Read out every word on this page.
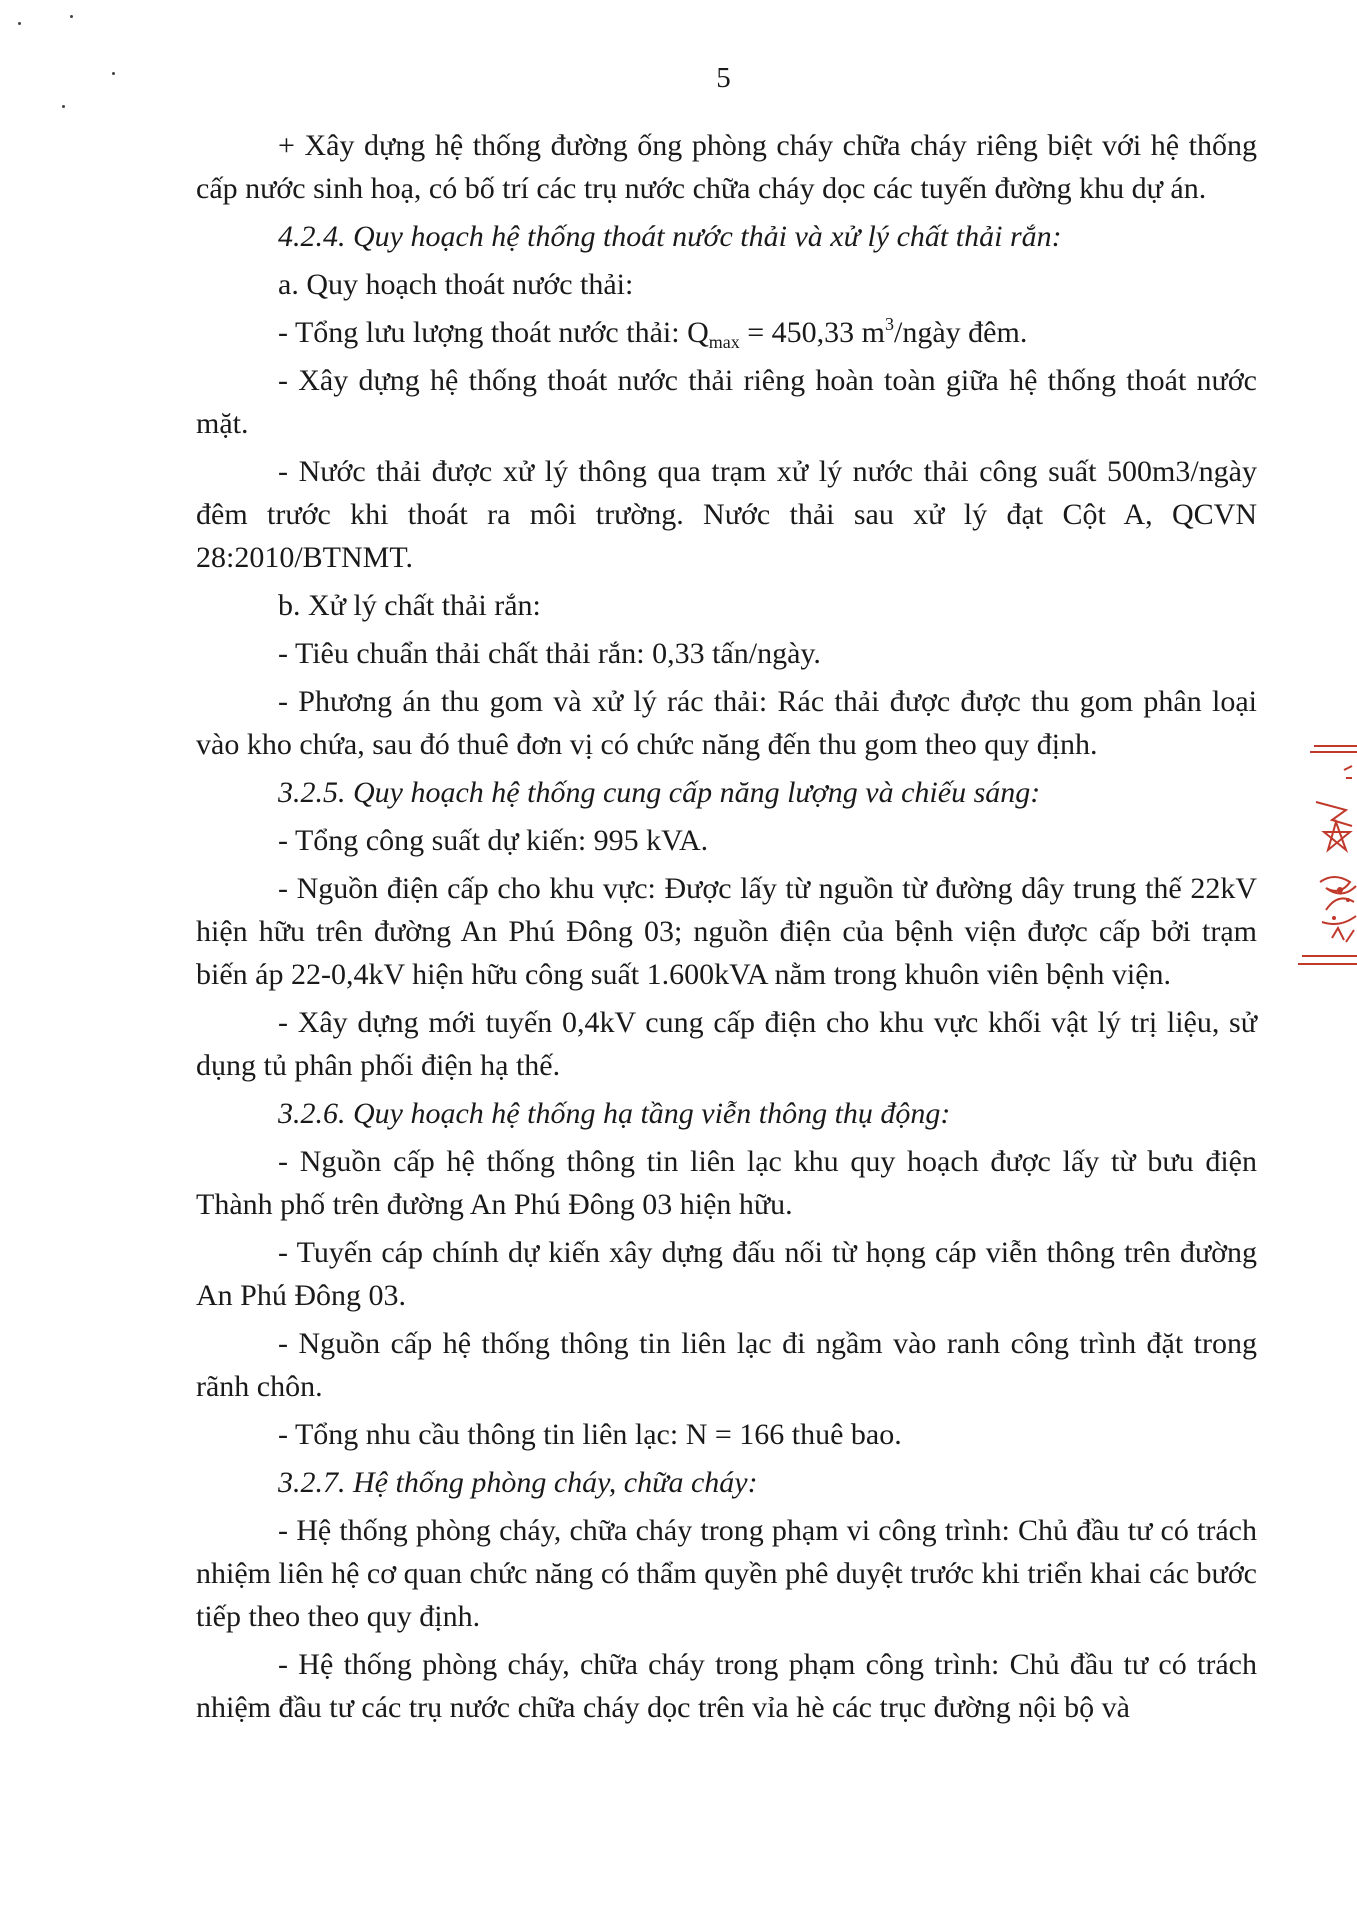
5

+ Xây dựng hệ thống đường ống phòng cháy chữa cháy riêng biệt với hệ thống cấp nước sinh hoạ, có bố trí các trụ nước chữa cháy dọc các tuyến đường khu dự án.

4.2.4. Quy hoạch hệ thống thoát nước thải và xử lý chất thải rắn:

a. Quy hoạch thoát nước thải:

- Tổng lưu lượng thoát nước thải: $Q_{max} = 450,33$ $m^3$/ngày đêm.

- Xây dựng hệ thống thoát nước thải riêng hoàn toàn giữa hệ thống thoát nước mặt.

- Nước thải được xử lý thông qua trạm xử lý nước thải công suất 500m3/ngày đêm trước khi thoát ra môi trường. Nước thải sau xử lý đạt Cột A, QCVN 28:2010/BTNMT.

b. Xử lý chất thải rắn:

- Tiêu chuẩn thải chất thải rắn: 0,33 tấn/ngày.

- Phương án thu gom và xử lý rác thải: Rác thải được được thu gom phân loại vào kho chứa, sau đó thuê đơn vị có chức năng đến thu gom theo quy định.

3.2.5. Quy hoạch hệ thống cung cấp năng lượng và chiếu sáng:

- Tổng công suất dự kiến: 995 kVA.

- Nguồn điện cấp cho khu vực: Được lấy từ nguồn từ đường dây trung thế 22kV hiện hữu trên đường An Phú Đông 03; nguồn điện của bệnh viện được cấp bởi trạm biến áp 22-0,4kV hiện hữu công suất 1.600kVA nằm trong khuôn viên bệnh viện.

- Xây dựng mới tuyến 0,4kV cung cấp điện cho khu vực khối vật lý trị liệu, sử dụng tủ phân phối điện hạ thế.

3.2.6. Quy hoạch hệ thống hạ tầng viễn thông thụ động:

- Nguồn cấp hệ thống thông tin liên lạc khu quy hoạch được lấy từ bưu điện Thành phố trên đường An Phú Đông 03 hiện hữu.

- Tuyến cáp chính dự kiến xây dựng đấu nối từ họng cáp viễn thông trên đường An Phú Đông 03.

- Nguồn cấp hệ thống thông tin liên lạc đi ngầm vào ranh công trình đặt trong rãnh chôn.

- Tổng nhu cầu thông tin liên lạc: N = 166 thuê bao.

3.2.7. Hệ thống phòng cháy, chữa cháy:

- Hệ thống phòng cháy, chữa cháy trong phạm vi công trình: Chủ đầu tư có trách nhiệm liên hệ cơ quan chức năng có thẩm quyền phê duyệt trước khi triển khai các bước tiếp theo theo quy định.

- Hệ thống phòng cháy, chữa cháy trong phạm công trình: Chủ đầu tư có trách nhiệm đầu tư các trụ nước chữa cháy dọc trên vỉa hè các trục đường nội bộ và
